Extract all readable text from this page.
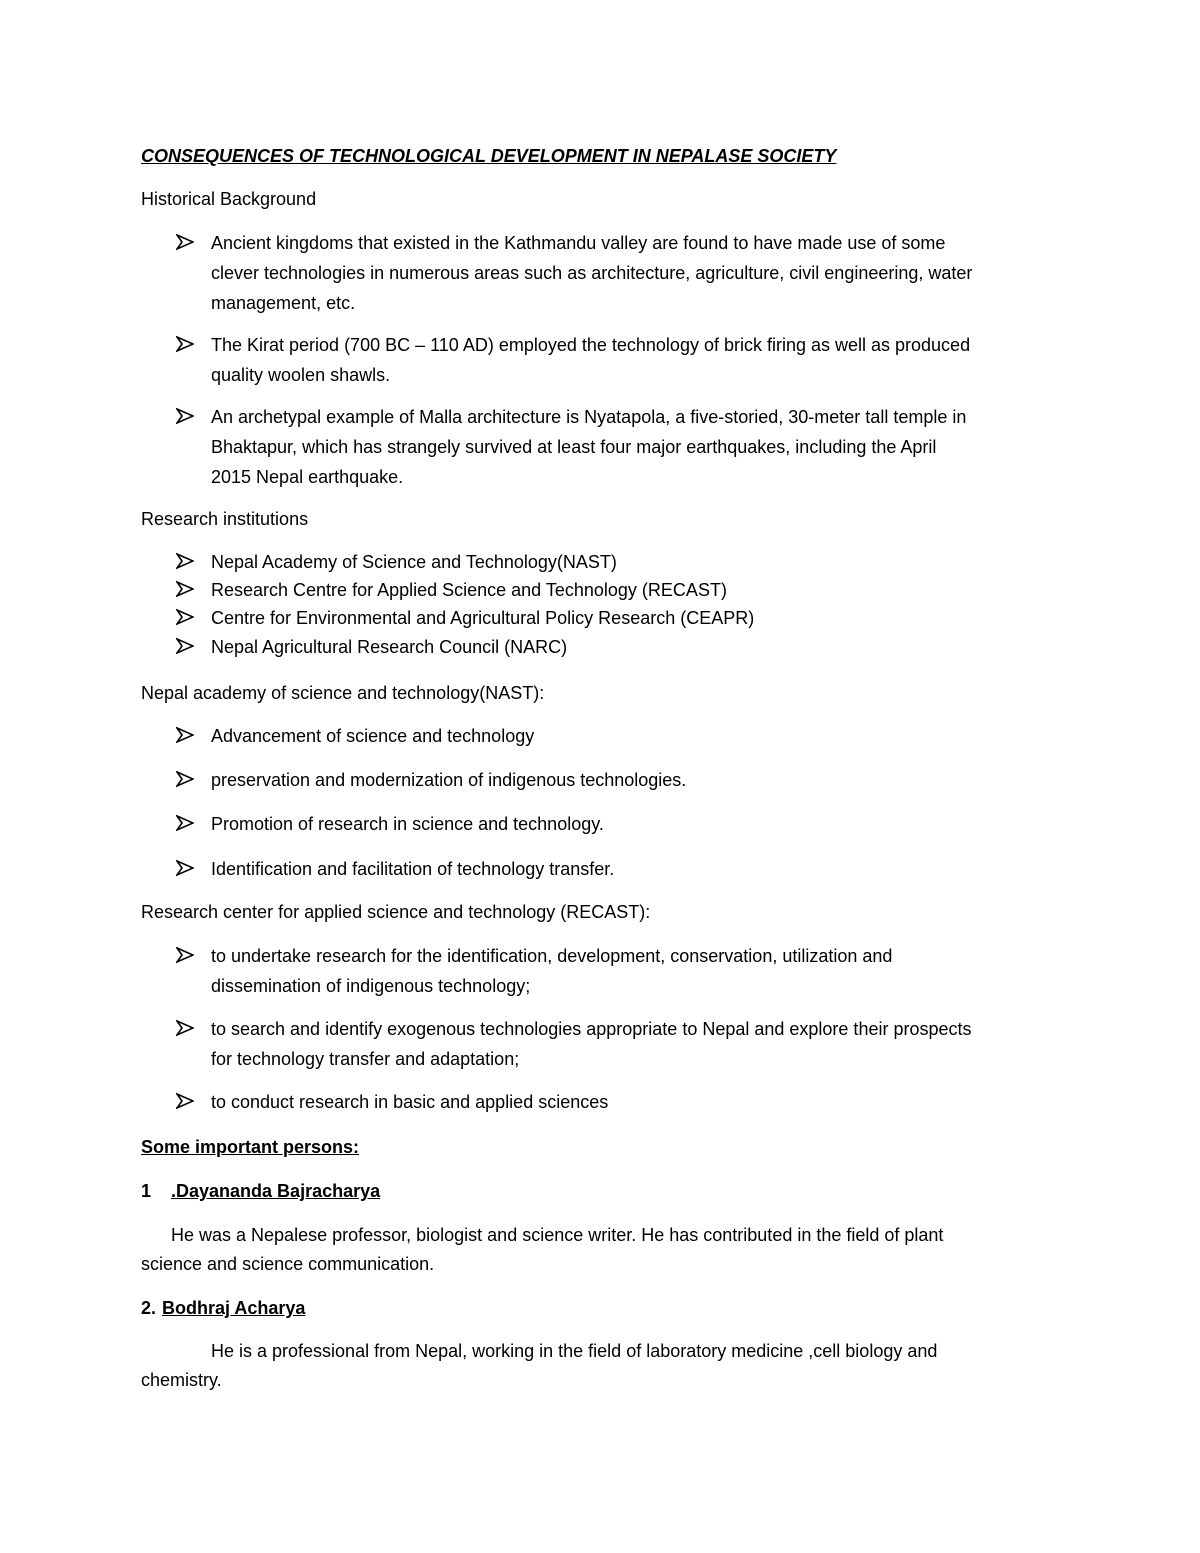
CONSEQUENCES OF TECHNOLOGICAL DEVELOPMENT IN NEPALASE SOCIETY
Historical Background
Ancient kingdoms that existed in the Kathmandu valley are found to have made use of some
clever technologies in numerous areas such as architecture, agriculture, civil engineering, water
management, etc.
The Kirat period (700 BC – 110 AD) employed the technology of brick firing as well as produced
quality woolen shawls.
An archetypal example of Malla architecture is Nyatapola, a five-storied, 30-meter tall temple in
Bhaktapur, which has strangely survived at least four major earthquakes, including the April
2015 Nepal earthquake.
Research institutions
Nepal Academy of Science and Technology(NAST)
Research Centre for Applied Science and Technology (RECAST)
Centre for Environmental and Agricultural Policy Research (CEAPR)
Nepal Agricultural Research Council (NARC)
Nepal academy of science and technology(NAST):
Advancement of science and technology
preservation and modernization of indigenous technologies.
Promotion of research in science and technology.
Identification and facilitation of technology transfer.
Research center for applied science and technology (RECAST):
to undertake research for the identification, development, conservation, utilization and
dissemination of indigenous technology;
to search and identify exogenous technologies appropriate to Nepal and explore their prospects
for technology transfer and adaptation;
to conduct research in basic and applied sciences
Some important persons:
1 .Dayananda Bajracharya
He was a Nepalese professor, biologist and science writer. He has contributed in the field of plant
science and science communication.
2. Bodhraj Acharya
He is a professional from Nepal, working in the field of laboratory medicine ,cell biology and
chemistry.
